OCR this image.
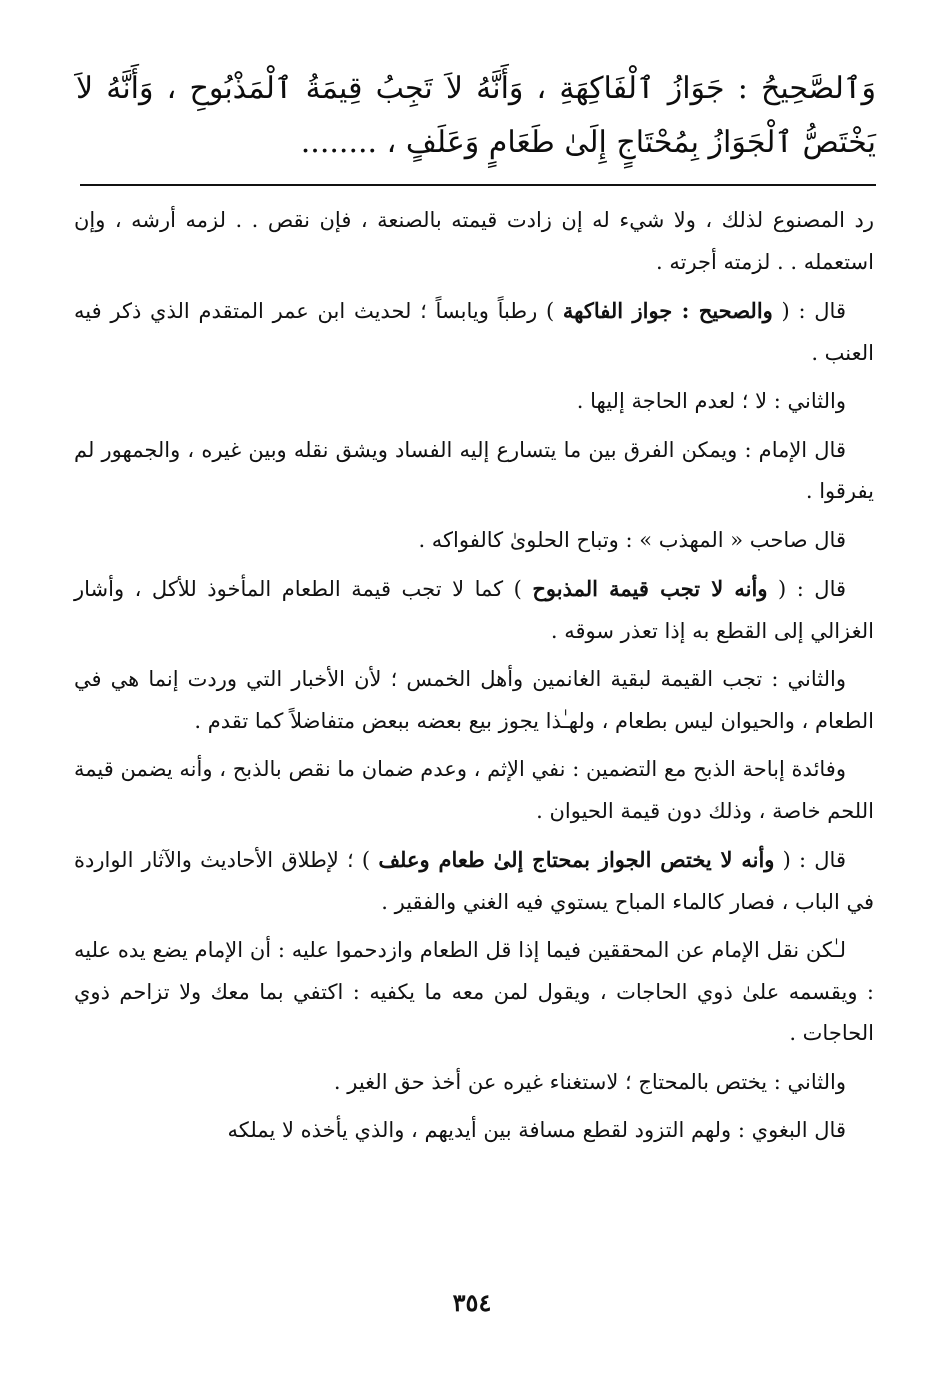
وَٱلصَّحِيحُ : جَوَازُ ٱلْفَاكِهَةِ ، وَأَنَّهُ لاَ تَجِبُ قِيمَةُ ٱلْمَذْبُوحِ ، وَأَنَّهُ لاَ يَخْتَصُّ ٱلْجَوَازُ بِمُحْتَاجٍ إِلَىٰ طَعَامٍ وَعَلَفٍ ، ........

رد المصنوع لذلك ، ولا شيء له إن زادت قيمته بالصنعة ، فإن نقص . . لزمه أرشه ، وإن استعمله . . لزمته أجرته .

قال : ( والصحيح : جواز الفاكهة ) رطباً ويابساً ؛ لحديث ابن عمر المتقدم الذي ذكر فيه العنب .

والثاني : لا ؛ لعدم الحاجة إليها .

قال الإمام : ويمكن الفرق بين ما يتسارع إليه الفساد ويشق نقله وبين غيره ، والجمهور لم يفرقوا .

قال صاحب « المهذب » : وتباح الحلوىٰ كالفواكه .

قال : ( وأنه لا تجب قيمة المذبوح ) كما لا تجب قيمة الطعام المأخوذ للأكل ، وأشار الغزالي إلى القطع به إذا تعذر سوقه .

والثاني : تجب القيمة لبقية الغانمين وأهل الخمس ؛ لأن الأخبار التي وردت إنما هي في الطعام ، والحيوان ليس بطعام ، ولهـٰذا يجوز بيع بعضه ببعض متفاضلاً كما تقدم .

وفائدة إباحة الذبح مع التضمين : نفي الإثم ، وعدم ضمان ما نقص بالذبح ، وأنه يضمن قيمة اللحم خاصة ، وذلك دون قيمة الحيوان .

قال : ( وأنه لا يختص الجواز بمحتاج إلىٰ طعام وعلف ) ؛ لإطلاق الأحاديث والآثار الواردة في الباب ، فصار كالماء المباح يستوي فيه الغني والفقير .

لـٰكن نقل الإمام عن المحققين فيما إذا قل الطعام وازدحموا عليه : أن الإمام يضع يده عليه : ويقسمه علىٰ ذوي الحاجات ، ويقول لمن معه ما يكفيه : اكتفي بما معك ولا تزاحم ذوي الحاجات .

والثاني : يختص بالمحتاج ؛ لاستغناء غيره عن أخذ حق الغير .

قال البغوي : ولهم التزود لقطع مسافة بين أيديهم ، والذي يأخذه لا يملكه

٣٥٤
